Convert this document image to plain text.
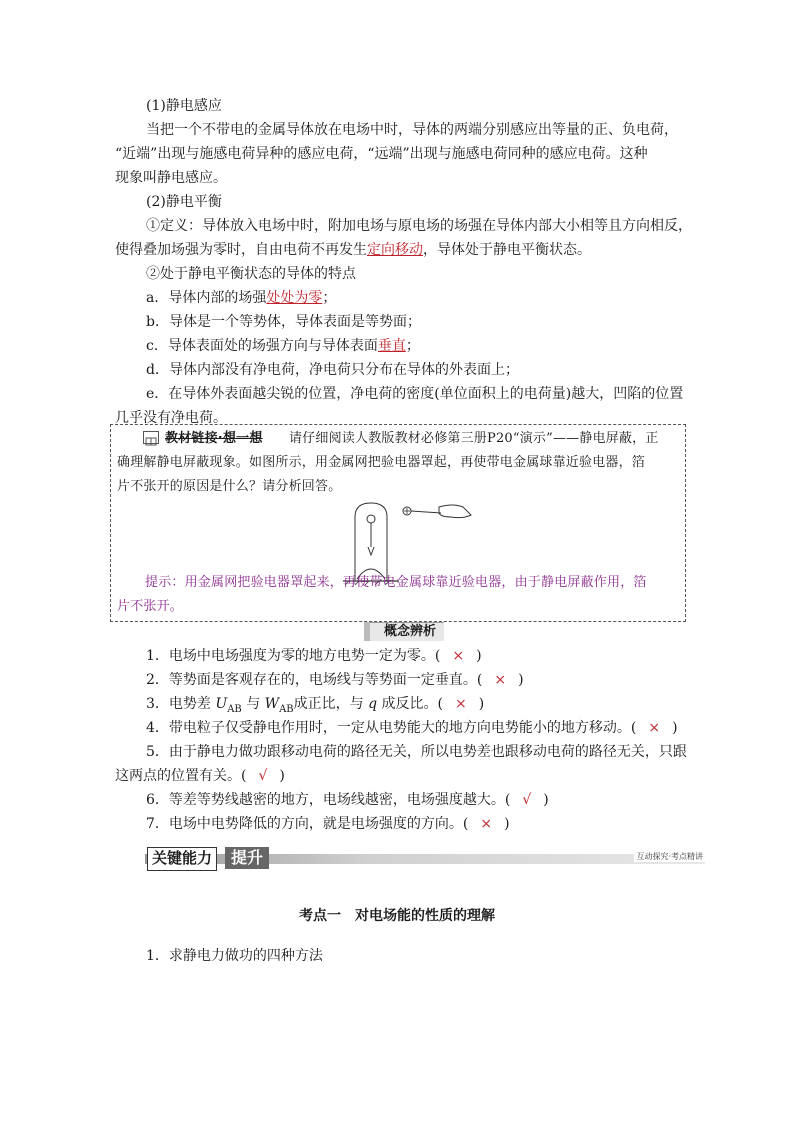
(1)静电感应
当把一个不带电的金属导体放在电场中时，导体的两端分别感应出等量的正、负电荷，
“近端”出现与施感电荷异种的感应电荷，“远端”出现与施感电荷同种的感应电荷。这种
现象叫静电感应。
(2)静电平衡
①定义：导体放入电场中时，附加电场与原电场的场强在导体内部大小相等且方向相反，
使得叠加场强为零时，自由电荷不再发生定向移动，导体处于静电平衡状态。
②处于静电平衡状态的导体的特点
a．导体内部的场强处处为零；
b．导体是一个等势体，导体表面是等势面；
c．导体表面处的场强方向与导体表面垂直；
d．导体内部没有净电荷，净电荷只分布在导体的外表面上；
e．在导体外表面越尖锐的位置，净电荷的密度(单位面积上的电荷量)越大，凹陷的位置
几乎没有净电荷。
教材链接·想一想 请仔细阅读人教版教材必修第三册P20“演示”——静电屏蔽，正
确理解静电屏蔽现象。如图所示，用金属网把验电器罩起，再使带电金属球靠近验电器，箔
片不张开的原因是什么？请分析回答。
提示：用金属网把验电器罩起来，再使带电金属球靠近验电器，由于静电屏蔽作用，箔
片不张开。
概念辨析
1．电场中电场强度为零的地方电势一定为零。( × )
2．等势面是客观存在的，电场线与等势面一定垂直。( × )
3．电势差 $U_{AB}$ 与 $W_{AB}$成正比，与 q 成反比。( × )
4．带电粒子仅受静电作用时，一定从电势能大的地方向电势能小的地方移动。( × )
5．由于静电力做功跟移动电荷的路径无关，所以电势差也跟移动电荷的路径无关，只跟
这两点的位置有关。( √ )
6．等差等势线越密的地方，电场线越密，电场强度越大。( √ )
7．电场中电势降低的方向，就是电场强度的方向。( × )
关键能力	提升	互动探究·考点精讲
考点一　对电场能的性质的理解
1．求静电力做功的四种方法
